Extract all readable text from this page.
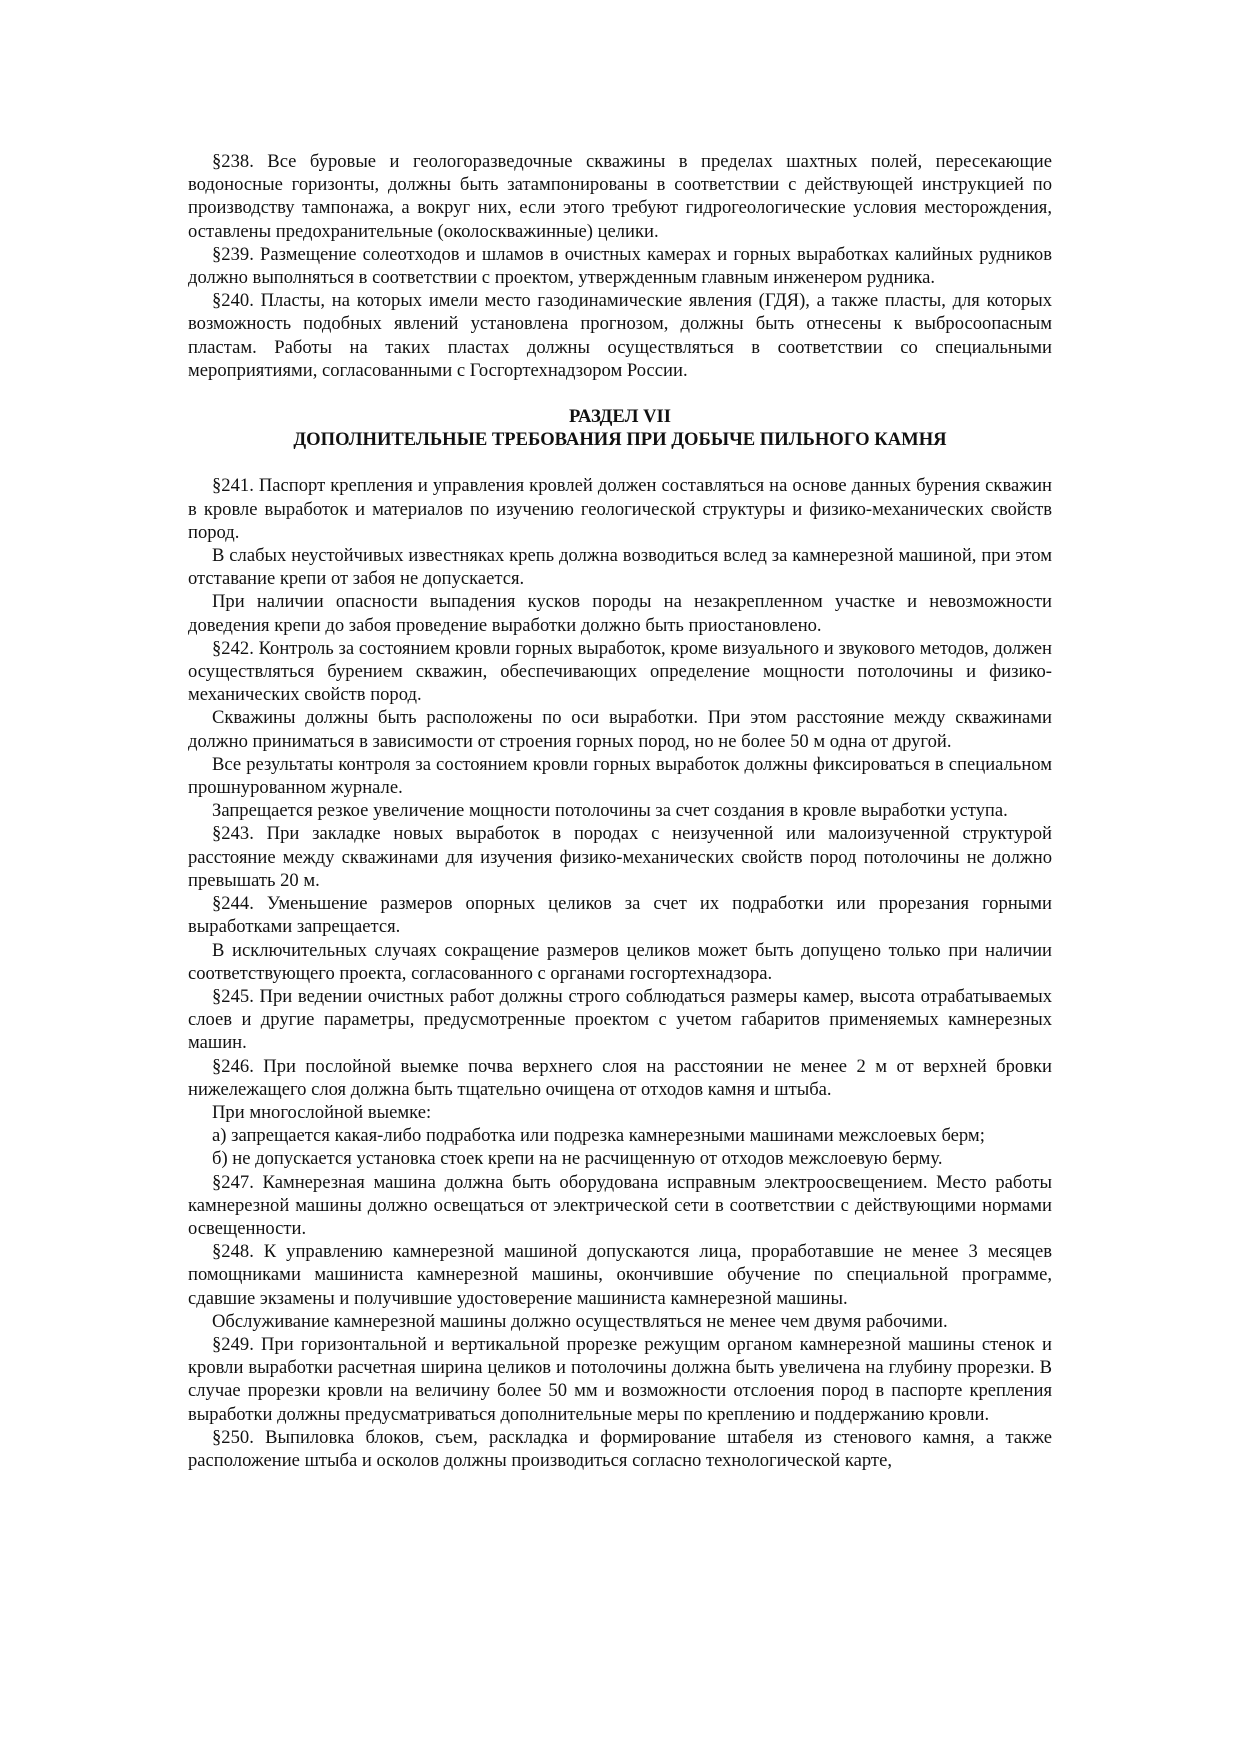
§238. Все буровые и геологоразведочные скважины в пределах шахтных полей, пересекающие водоносные горизонты, должны быть затампонированы в соответствии с действующей инструкцией по производству тампонажа, а вокруг них, если этого требуют гидрогеологические условия месторождения, оставлены предохранительные (околоскважинные) целики.

§239. Размещение солеотходов и шламов в очистных камерах и горных выработках калийных рудников должно выполняться в соответствии с проектом, утвержденным главным инженером рудника.

§240. Пласты, на которых имели место газодинамические явления (ГДЯ), а также пласты, для которых возможность подобных явлений установлена прогнозом, должны быть отнесены к выбросоопасным пластам. Работы на таких пластах должны осуществляться в соответствии со специальными мероприятиями, согласованными с Госгортехнадзором России.

РАЗДЕЛ VII

ДОПОЛНИТЕЛЬНЫЕ ТРЕБОВАНИЯ ПРИ ДОБЫЧЕ ПИЛЬНОГО КАМНЯ

§241. Паспорт крепления и управления кровлей должен составляться на основе данных бурения скважин в кровле выработок и материалов по изучению геологической структуры и физико-механических свойств пород.

В слабых неустойчивых известняках крепь должна возводиться вслед за камнерезной машиной, при этом отставание крепи от забоя не допускается.

При наличии опасности выпадения кусков породы на незакрепленном участке и невозможности доведения крепи до забоя проведение выработки должно быть приостановлено.

§242. Контроль за состоянием кровли горных выработок, кроме визуального и звукового методов, должен осуществляться бурением скважин, обеспечивающих определение мощности потолочины и физико-механических свойств пород.

Скважины должны быть расположены по оси выработки. При этом расстояние между скважинами должно приниматься в зависимости от строения горных пород, но не более 50 м одна от другой.

Все результаты контроля за состоянием кровли горных выработок должны фиксироваться в специальном прошнурованном журнале.

Запрещается резкое увеличение мощности потолочины за счет создания в кровле выработки уступа.

§243. При закладке новых выработок в породах с неизученной или малоизученной структурой расстояние между скважинами для изучения физико-механических свойств пород потолочины не должно превышать 20 м.

§244. Уменьшение размеров опорных целиков за счет их подработки или прорезания горными выработками запрещается.

В исключительных случаях сокращение размеров целиков может быть допущено только при наличии соответствующего проекта, согласованного с органами госгортехнадзора.

§245. При ведении очистных работ должны строго соблюдаться размеры камер, высота отрабатываемых слоев и другие параметры, предусмотренные проектом с учетом габаритов применяемых камнерезных машин.

§246. При послойной выемке почва верхнего слоя на расстоянии не менее 2 м от верхней бровки нижележащего слоя должна быть тщательно очищена от отходов камня и штыба.

При многослойной выемке:

а) запрещается какая-либо подработка или подрезка камнерезными машинами межслоевых берм;

б) не допускается установка стоек крепи на не расчищенную от отходов межслоевую берму.

§247. Камнерезная машина должна быть оборудована исправным электроосвещением. Место работы камнерезной машины должно освещаться от электрической сети в соответствии с действующими нормами освещенности.

§248. К управлению камнерезной машиной допускаются лица, проработавшие не менее 3 месяцев помощниками машиниста камнерезной машины, окончившие обучение по специальной программе, сдавшие экзамены и получившие удостоверение машиниста камнерезной машины.

Обслуживание камнерезной машины должно осуществляться не менее чем двумя рабочими.

§249. При горизонтальной и вертикальной прорезке режущим органом камнерезной машины стенок и кровли выработки расчетная ширина целиков и потолочины должна быть увеличена на глубину прорезки. В случае прорезки кровли на величину более 50 мм и возможности отслоения пород в паспорте крепления выработки должны предусматриваться дополнительные меры по креплению и поддержанию кровли.

§250. Выпиловка блоков, съем, раскладка и формирование штабеля из стенового камня, а также расположение штыба и осколов должны производиться согласно технологической карте,
